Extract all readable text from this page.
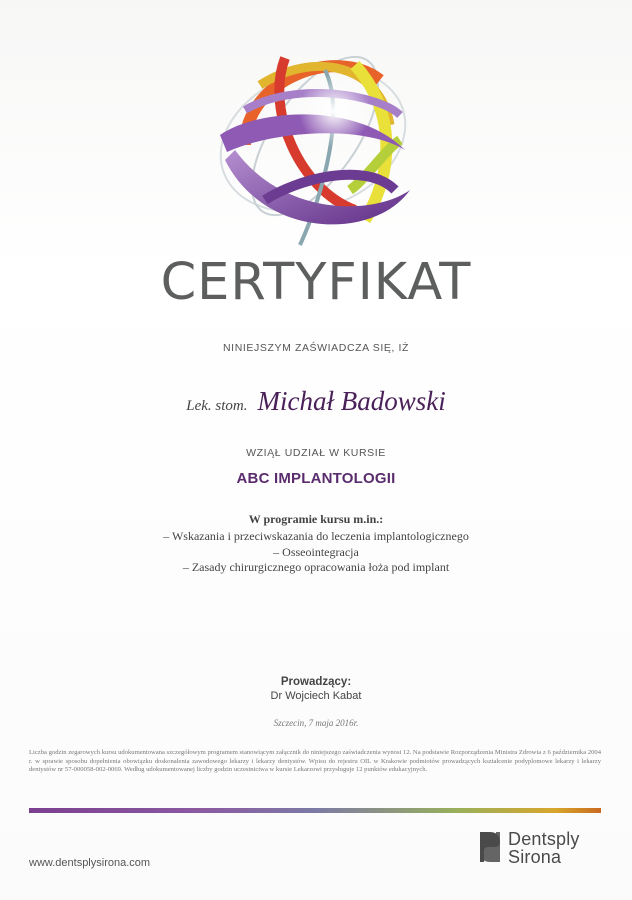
CERTYFIKAT
NINIEJSZYM ZAŚWIADCZA SIĘ, IŻ
Lek. stom. Michał Badowski
WZIĄŁ UDZIAŁ W KURSIE
ABC IMPLANTOLOGII
W programie kursu m.in.:
– Wskazania i przeciwskazania do leczenia implantologicznego
– Osseointegracja
– Zasady chirurgicznego opracowania łoża pod implant
Prowadzący:
Dr Wojciech Kabat
Szczecin, 7 maja 2016r.
Liczba godzin zegarowych kursu udokumentowana szczegółowym programem stanowiącym załącznik do niniejszego zaświadczenia wynosi 12. Na podstawie Rozporządzenia Ministra Zdrowia z 6 października 2004 r. w sprawie sposobu dopełnienia obowiązku doskonalenia zawodowego lekarzy i lekarzy dentystów. Wpisu do rejestru OIL w Krakowie podmiotów prowadzących kształcenie podyplomowe lekarzy i lekarzy dentystów nr 57-000058-002-0069. Według udokumentowanej liczby godzin uczestnictwa w kursie Lekarzowi przysługuje 12 punktów edukacyjnych.
www.dentsplysirona.com
Dentsply
Sirona
